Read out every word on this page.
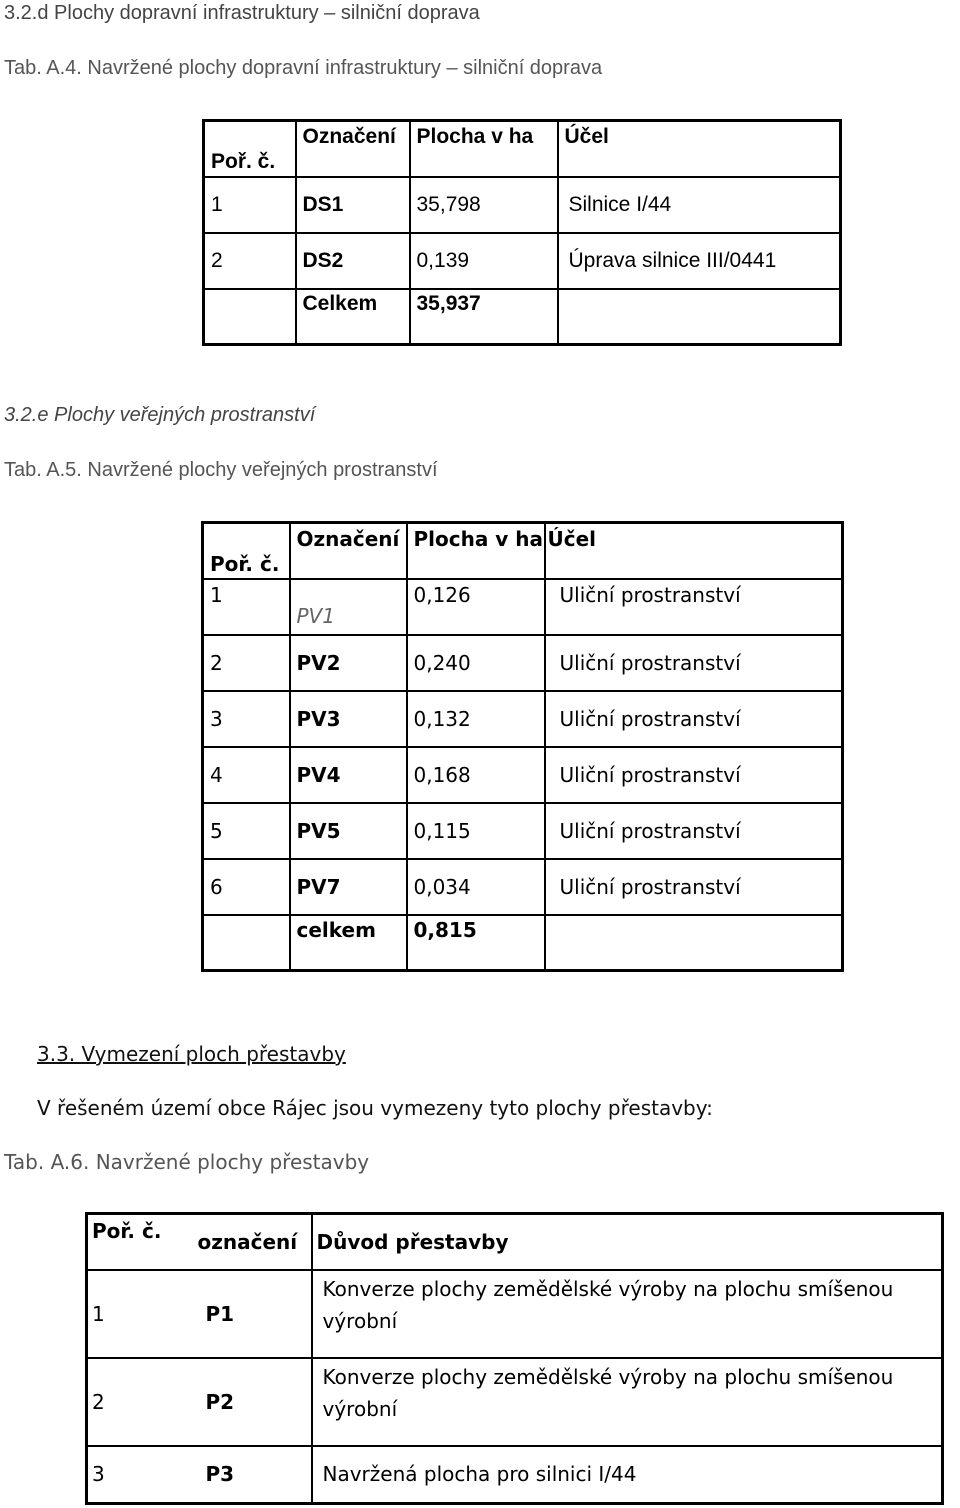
3.2.d Plochy dopravní infrastruktury – silniční doprava

Tab. A.4. Navržené plochy dopravní infrastruktury – silniční doprava

Poř. č.	Označení	Plocha v ha	Účel
1	DS1	35,798	Silnice I/44
2	DS2	0,139	Úprava silnice III/0441
	Celkem	35,937	
3.2.e Plochy veřejných prostranství

Tab. A.5. Navržené plochy veřejných prostranství

Poř. č.	Označení	Plocha v ha	Účel
1	PV1	0,126	Uliční prostranství
2	PV2	0,240	Uliční prostranství
3	PV3	0,132	Uliční prostranství
4	PV4	0,168	Uliční prostranství
5	PV5	0,115	Uliční prostranství
6	PV7	0,034	Uliční prostranství
	celkem	0,815	
3.3. Vymezení ploch přestavby

V řešeném území obce Rájec jsou vymezeny tyto plochy přestavby:

Tab. A.6. Navržené plochy přestavby

Poř. č.	označení	Důvod přestavby
1	P1	Konverze plochy zemědělské výroby na plochu smíšenou výrobní
2	P2	Konverze plochy zemědělské výroby na plochu smíšenou výrobní
3	P3	Navržená plocha pro silnici I/44
